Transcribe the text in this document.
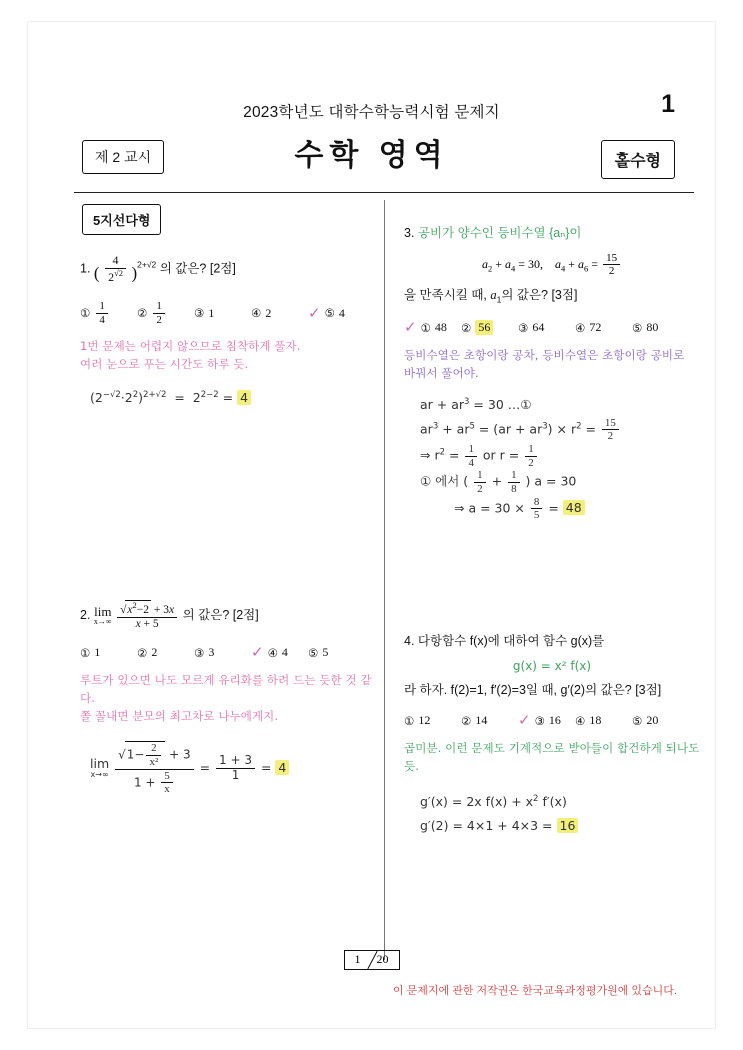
2023학년도 대학수학능력시험 문제지	1
수학 영역
제 2 교시	홀수형
5지선다형
1. ( $\frac{4}{2^{√2}} )^{2+√2}$ 의 값은? [2점]
① $\frac{1}{4}$	② $\frac{1}{2}$	③ 1	④ 2 ✓ ⑤ 4
1번 문제는 어렵지 않으므로 침착하게 풀자.
여러 눈으로 푸는 시간도 하루 듯.
$(2^{-√2}\cdot 2^2)^{2+√2} = 2^{2-2} = 4$
2. lim
x→∞
$\frac{√x^2-2 + 3x}{x + 5}$ 의 값은? [2점]
① 1	② 2	③ 3 ✓ ④ 4 ⑤ 5
루트가 있으면 나도 모르게 유리화를 하려 드는 듯한 것 같다.
쫄 꼴내면 분모의 최고차로 나누에게지.
lim
x→∞
$\frac{√1- \frac{2}{\text{x²}} + 3}{1 + \frac{5}{x}} = \frac{1 + 3}{1} = 4$
3. 공비가 양수인 등비수열 {aₙ}이
$a_2 + a_4 = 30$,    $a_4 + a_6 = \frac{15}{2}$
을 만족시킬 때, $a_1$의 값은? [3점]
✓ ① 48 ② 56 ③ 64	④ 72	⑤ 80
등비수열은 초항이랑 공차, 등비수열은 초항이랑 공비로
바꿔서 풀어야.
ar + $ar^3 = 30$ …①
$ar^3 + ar^5 = (ar + ar^3) \times r^2 = \frac{15}{2}$
⇒ $r^2 = \frac{1}{4}$ or $r = \frac{1}{2}$
① 에서 ( $\frac{1}{2} + \frac{1}{8}$ ) a = 30
⇒ $a = 30 \times \frac{8}{5} = 48$
4. 다항함수 f(x)에 대하여 함수 g(x)를
g(x) = x² f(x)
라 하자. f(2)=1, f′(2)=3일 때, g′(2)의 값은? [3점]
① 12	② 14 ✓ ③ 16 ④ 18	⑤ 20
곱미분. 이런 문제도 기계적으로 받아들이 합건하게 되나도 듯.
g′(x) = 2x $f(x) + x^2$ f′(x)
g′(2) = 4×1 + 4×3 = 16
1 20
이 문제지에 관한 저작권은 한국교육과정평가원에 있습니다.
